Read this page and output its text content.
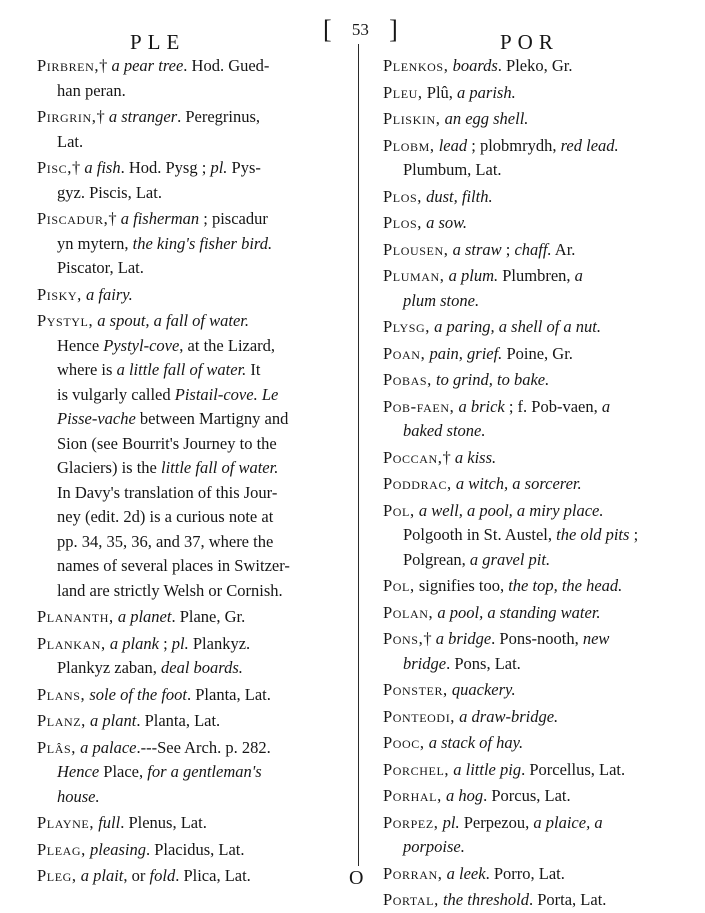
PLE	[ 53 ]	POR
Pirbren,† a pear tree. Hod. Gued-
han peran.
Pirgrin,† a stranger. Peregrinus,
Lat.
Pisc,† a fish. Hod. Pysg ; pl. Pys-
gyz. Piscis, Lat.
Piscadur,† a fisherman ; piscadur
yn mytern, the king's fisher bird.
Piscator, Lat.
Pisky, a fairy.
Pystyl, a spout, a fall of water.
Hence Pystyl-cove, at the Lizard,
where is a little fall of water. It
is vulgarly called Pistail-cove. Le
Pisse-vache between Martigny and
Sion (see Bourrit's Journey to the
Glaciers) is the little fall of water.
In Davy's translation of this Jour-
ney (edit. 2d) is a curious note at
pp. 34, 35, 36, and 37, where the
names of several places in Switzer-
land are strictly Welsh or Cornish.
Plananth, a planet. Plane, Gr.
Plankan, a plank ; pl. Plankyz.
Plankyz zaban, deal boards.
Plans, sole of the foot. Planta, Lat.
Planz, a plant. Planta, Lat.
Plâs, a palace.---See Arch. p. 282.
Hence Place, for a gentleman's
house.
Playne, full. Plenus, Lat.
Pleag, pleasing. Placidus, Lat.
Pleg, a plait, or fold. Plica, Lat.
Plenkos, boards. Pleko, Gr.
Pleu, Plû, a parish.
Pliskin, an egg shell.
Plobm, lead ; plobmrydh, red lead.
Plumbum, Lat.
Plos, dust, filth.
Plos, a sow.
Plousen, a straw ; chaff. Ar.
Pluman, a plum. Plumbren, a
plum stone.
Plysg, a paring, a shell of a nut.
Poan, pain, grief. Poine, Gr.
Pobas, to grind, to bake.
Pob-faen, a brick ; f. Pob-vaen, a
baked stone.
Poccan,† a kiss.
Poddrac, a witch, a sorcerer.
Pol, a well, a pool, a miry place.
Polgooth in St. Austel, the old pits ;
Polgrean, a gravel pit.
Pol, signifies too, the top, the head.
Polan, a pool, a standing water.
Pons,† a bridge. Pons-nooth, new
bridge. Pons, Lat.
Ponster, quackery.
Ponteodi, a draw-bridge.
Pooc, a stack of hay.
Porchel, a little pig. Porcellus, Lat.
Porhal, a hog. Porcus, Lat.
Porpez, pl. Perpezou, a plaice, a
porpoise.
Porran, a leek. Porro, Lat.
Portal, the threshold. Porta, Lat.
O
